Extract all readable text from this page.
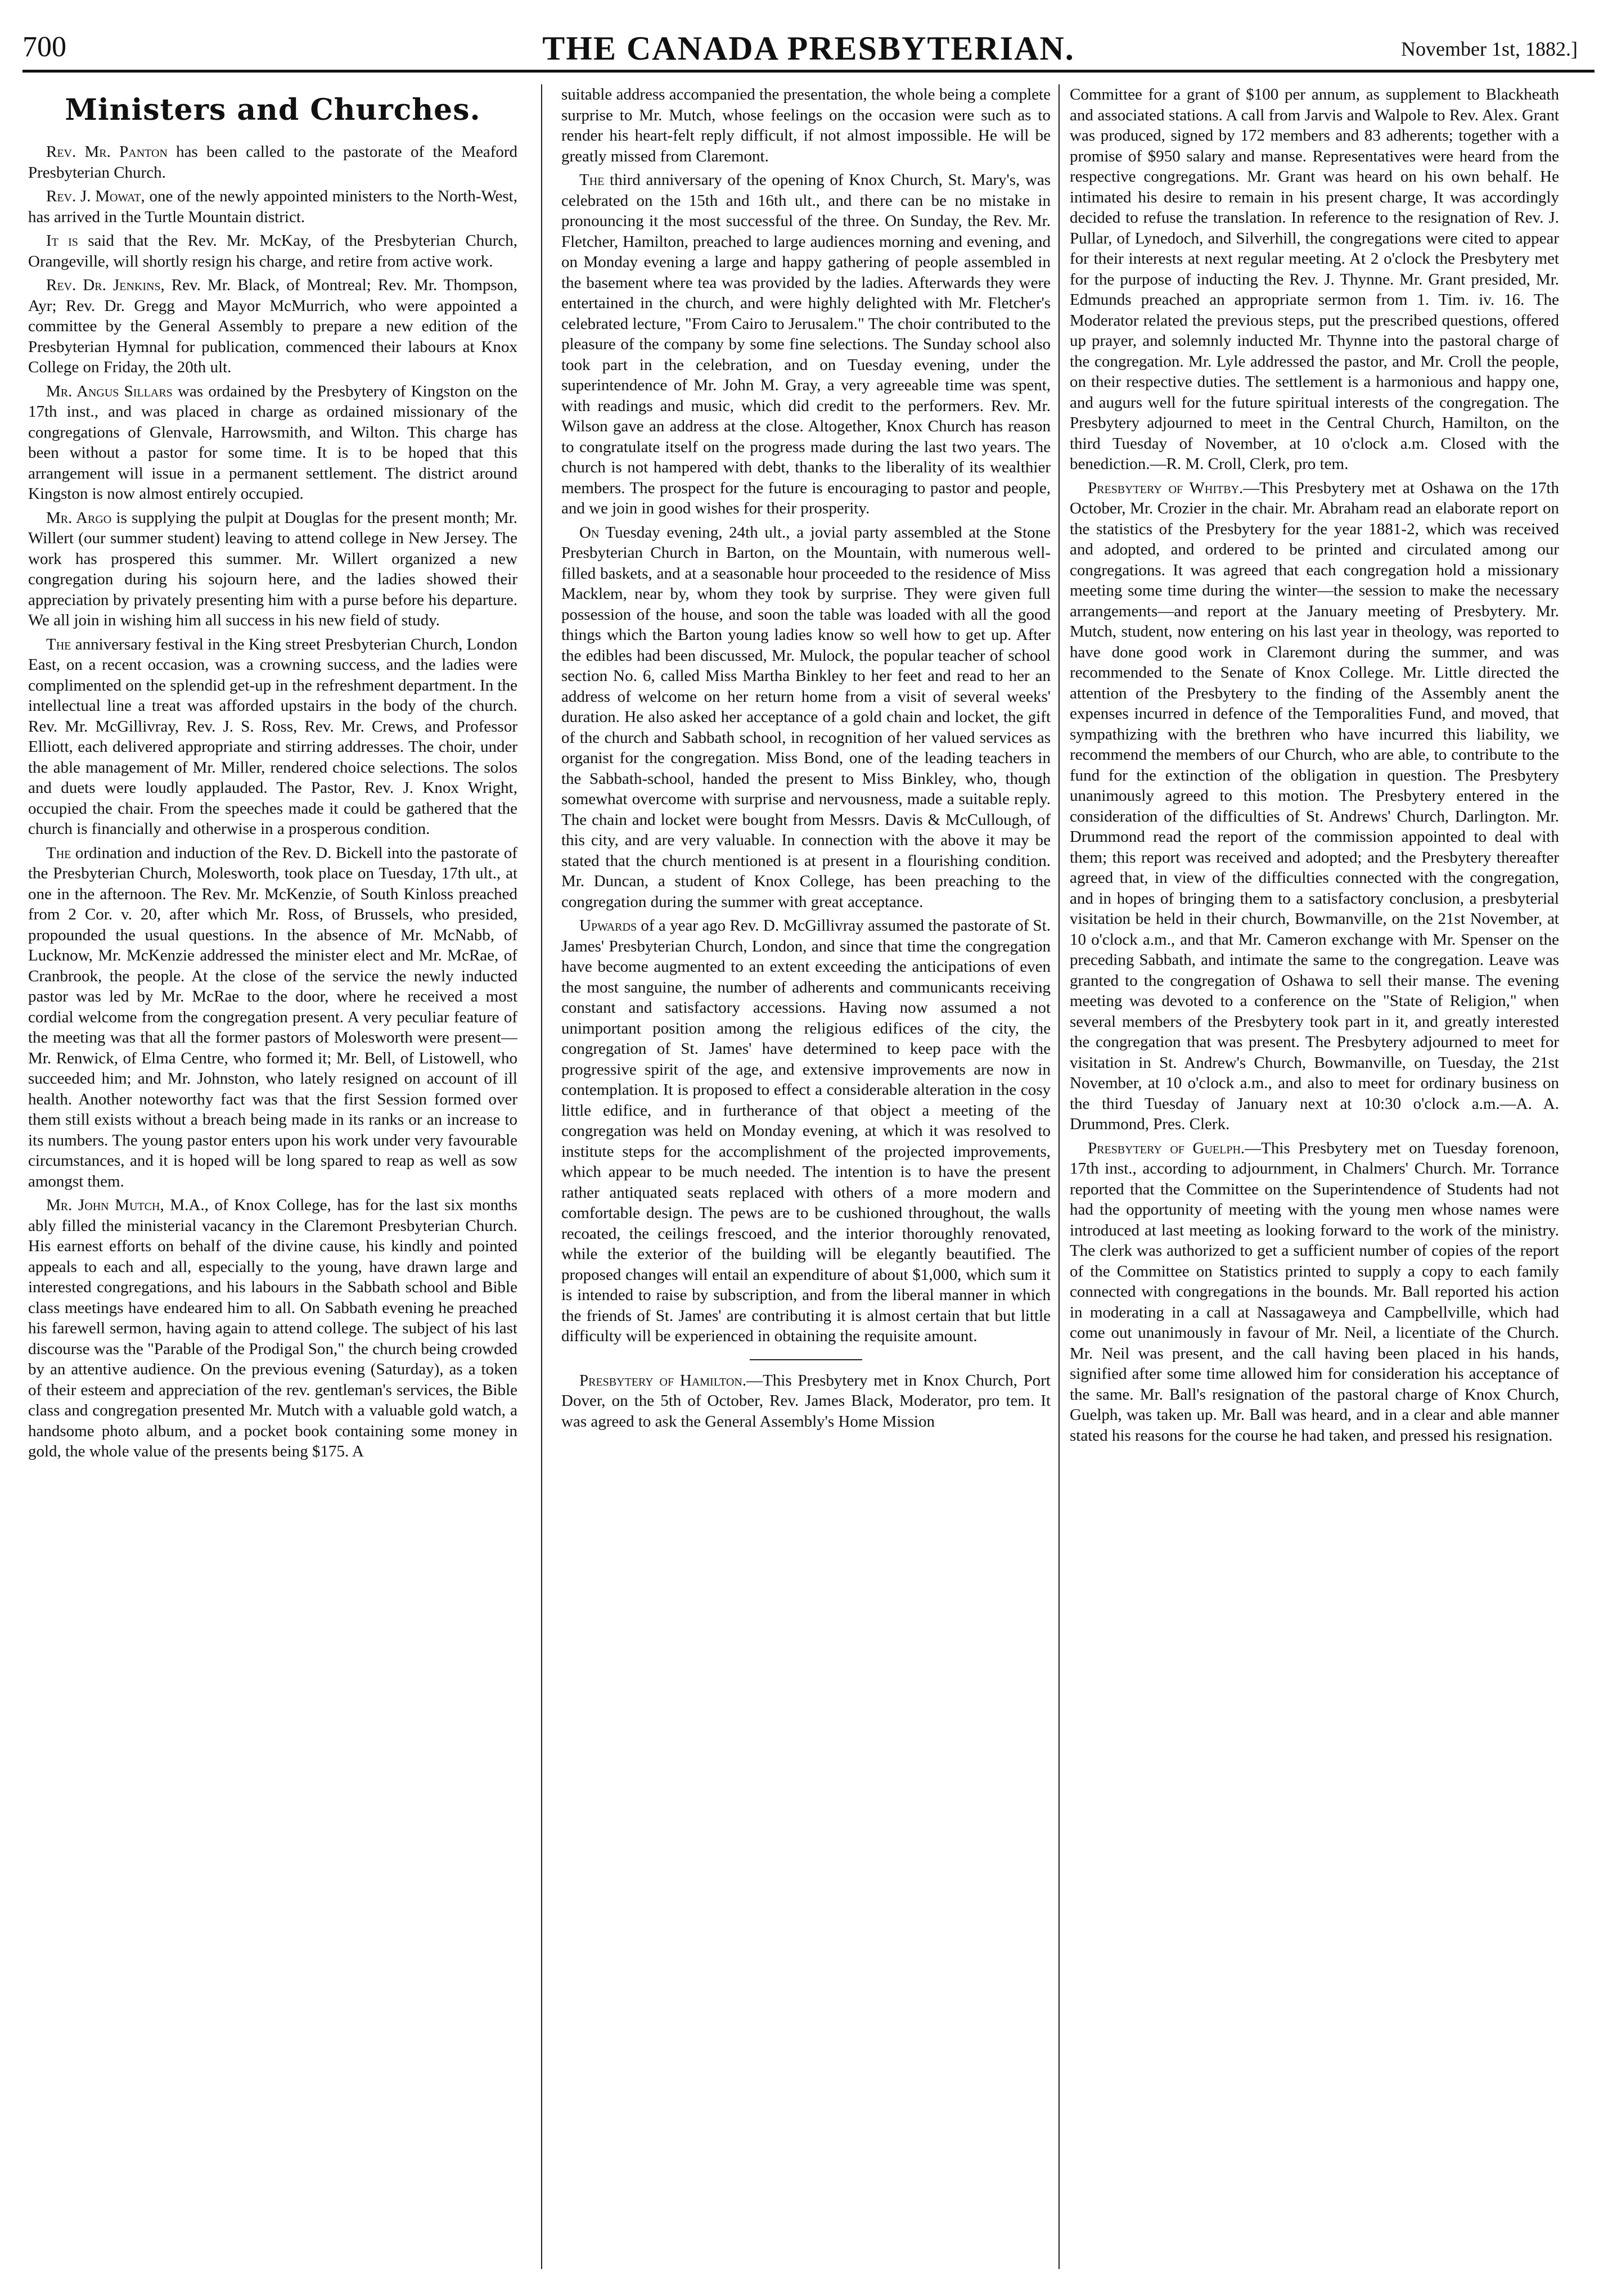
700	THE CANADA PRESBYTERIAN.	November 1st, 1882.]
Ministers and Churches.

Rev. Mr. Panton has been called to the pastorate of the Meaford Presbyterian Church.

Rev. J. Mowat, one of the newly appointed ministers to the North-West, has arrived in the Turtle Mountain district.

It is said that the Rev. Mr. McKay, of the Presbyterian Church, Orangeville, will shortly resign his charge, and retire from active work.

Rev. Dr. Jenkins, Rev. Mr. Black, of Montreal; Rev. Mr. Thompson, Ayr; Rev. Dr. Gregg and Mayor McMurrich, who were appointed a committee by the General Assembly to prepare a new edition of the Presbyterian Hymnal for publication, commenced their labours at Knox College on Friday, the 20th ult.

Mr. Angus Sillars was ordained by the Presbytery of Kingston on the 17th inst., and was placed in charge as ordained missionary of the congregations of Glenvale, Harrowsmith, and Wilton. This charge has been without a pastor for some time. It is to be hoped that this arrangement will issue in a permanent settlement. The district around Kingston is now almost entirely occupied.

Mr. Argo is supplying the pulpit at Douglas for the present month; Mr. Willert (our summer student) leaving to attend college in New Jersey. The work has prospered this summer. Mr. Willert organized a new congregation during his sojourn here, and the ladies showed their appreciation by privately presenting him with a purse before his departure. We all join in wishing him all success in his new field of study.

The anniversary festival in the King street Presbyterian Church, London East, on a recent occasion, was a crowning success, and the ladies were complimented on the splendid get-up in the refreshment department. In the intellectual line a treat was afforded upstairs in the body of the church. Rev. Mr. McGillivray, Rev. J. S. Ross, Rev. Mr. Crews, and Professor Elliott, each delivered appropriate and stirring addresses. The choir, under the able management of Mr. Miller, rendered choice selections. The solos and duets were loudly applauded. The Pastor, Rev. J. Knox Wright, occupied the chair. From the speeches made it could be gathered that the church is financially and otherwise in a prosperous condition.

The ordination and induction of the Rev. D. Bickell into the pastorate of the Presbyterian Church, Molesworth, took place on Tuesday, 17th ult., at one in the afternoon. The Rev. Mr. McKenzie, of South Kinloss preached from 2 Cor. v. 20, after which Mr. Ross, of Brussels, who presided, propounded the usual questions. In the absence of Mr. McNabb, of Lucknow, Mr. McKenzie addressed the minister elect and Mr. McRae, of Cranbrook, the people. At the close of the service the newly inducted pastor was led by Mr. McRae to the door, where he received a most cordial welcome from the congregation present. A very peculiar feature of the meeting was that all the former pastors of Molesworth were present—Mr. Renwick, of Elma Centre, who formed it; Mr. Bell, of Listowell, who succeeded him; and Mr. Johnston, who lately resigned on account of ill health. Another noteworthy fact was that the first Session formed over them still exists without a breach being made in its ranks or an increase to its numbers. The young pastor enters upon his work under very favourable circumstances, and it is hoped will be long spared to reap as well as sow amongst them.

Mr. John Mutch, M.A., of Knox College, has for the last six months ably filled the ministerial vacancy in the Claremont Presbyterian Church. His earnest efforts on behalf of the divine cause, his kindly and pointed appeals to each and all, especially to the young, have drawn large and interested congregations, and his labours in the Sabbath school and Bible class meetings have endeared him to all. On Sabbath evening he preached his farewell sermon, having again to attend college. The subject of his last discourse was the "Parable of the Prodigal Son," the church being crowded by an attentive audience. On the previous evening (Saturday), as a token of their esteem and appreciation of the rev. gentleman's services, the Bible class and congregation presented Mr. Mutch with a valuable gold watch, a handsome photo album, and a pocket book containing some money in gold, the whole value of the presents being $175. A

suitable address accompanied the presentation, the whole being a complete surprise to Mr. Mutch, whose feelings on the occasion were such as to render his heart-felt reply difficult, if not almost impossible. He will be greatly missed from Claremont.

The third anniversary of the opening of Knox Church, St. Mary's, was celebrated on the 15th and 16th ult., and there can be no mistake in pronouncing it the most successful of the three. On Sunday, the Rev. Mr. Fletcher, Hamilton, preached to large audiences morning and evening, and on Monday evening a large and happy gathering of people assembled in the basement where tea was provided by the ladies. Afterwards they were entertained in the church, and were highly delighted with Mr. Fletcher's celebrated lecture, "From Cairo to Jerusalem." The choir contributed to the pleasure of the company by some fine selections. The Sunday school also took part in the celebration, and on Tuesday evening, under the superintendence of Mr. John M. Gray, a very agreeable time was spent, with readings and music, which did credit to the performers. Rev. Mr. Wilson gave an address at the close. Altogether, Knox Church has reason to congratulate itself on the progress made during the last two years. The church is not hampered with debt, thanks to the liberality of its wealthier members. The prospect for the future is encouraging to pastor and people, and we join in good wishes for their prosperity.

On Tuesday evening, 24th ult., a jovial party assembled at the Stone Presbyterian Church in Barton, on the Mountain, with numerous well-filled baskets, and at a seasonable hour proceeded to the residence of Miss Macklem, near by, whom they took by surprise. They were given full possession of the house, and soon the table was loaded with all the good things which the Barton young ladies know so well how to get up. After the edibles had been discussed, Mr. Mulock, the popular teacher of school section No. 6, called Miss Martha Binkley to her feet and read to her an address of welcome on her return home from a visit of several weeks' duration. He also asked her acceptance of a gold chain and locket, the gift of the church and Sabbath school, in recognition of her valued services as organist for the congregation. Miss Bond, one of the leading teachers in the Sabbath-school, handed the present to Miss Binkley, who, though somewhat overcome with surprise and nervousness, made a suitable reply. The chain and locket were bought from Messrs. Davis & McCullough, of this city, and are very valuable. In connection with the above it may be stated that the church mentioned is at present in a flourishing condition. Mr. Duncan, a student of Knox College, has been preaching to the congregation during the summer with great acceptance.

Upwards of a year ago Rev. D. McGillivray assumed the pastorate of St. James' Presbyterian Church, London, and since that time the congregation have become augmented to an extent exceeding the anticipations of even the most sanguine, the number of adherents and communicants receiving constant and satisfactory accessions. Having now assumed a not unimportant position among the religious edifices of the city, the congregation of St. James' have determined to keep pace with the progressive spirit of the age, and extensive improvements are now in contemplation. It is proposed to effect a considerable alteration in the cosy little edifice, and in furtherance of that object a meeting of the congregation was held on Monday evening, at which it was resolved to institute steps for the accomplishment of the projected improvements, which appear to be much needed. The intention is to have the present rather antiquated seats replaced with others of a more modern and comfortable design. The pews are to be cushioned throughout, the walls recoated, the ceilings frescoed, and the interior thoroughly renovated, while the exterior of the building will be elegantly beautified. The proposed changes will entail an expenditure of about $1,000, which sum it is intended to raise by subscription, and from the liberal manner in which the friends of St. James' are contributing it is almost certain that but little difficulty will be experienced in obtaining the requisite amount.

Presbytery of Hamilton.—This Presbytery met in Knox Church, Port Dover, on the 5th of October, Rev. James Black, Moderator, pro tem. It was agreed to ask the General Assembly's Home Mission

Committee for a grant of $100 per annum, as supplement to Blackheath and associated stations. A call from Jarvis and Walpole to Rev. Alex. Grant was produced, signed by 172 members and 83 adherents; together with a promise of $950 salary and manse. Representatives were heard from the respective congregations. Mr. Grant was heard on his own behalf. He intimated his desire to remain in his present charge, It was accordingly decided to refuse the translation. In reference to the resignation of Rev. J. Pullar, of Lynedoch, and Silverhill, the congregations were cited to appear for their interests at next regular meeting. At 2 o'clock the Presbytery met for the purpose of inducting the Rev. J. Thynne. Mr. Grant presided, Mr. Edmunds preached an appropriate sermon from 1. Tim. iv. 16. The Moderator related the previous steps, put the prescribed questions, offered up prayer, and solemnly inducted Mr. Thynne into the pastoral charge of the congregation. Mr. Lyle addressed the pastor, and Mr. Croll the people, on their respective duties. The settlement is a harmonious and happy one, and augurs well for the future spiritual interests of the congregation. The Presbytery adjourned to meet in the Central Church, Hamilton, on the third Tuesday of November, at 10 o'clock a.m. Closed with the benediction.—R. M. Croll, Clerk, pro tem.

Presbytery of Whitby.—This Presbytery met at Oshawa on the 17th October, Mr. Crozier in the chair. Mr. Abraham read an elaborate report on the statistics of the Presbytery for the year 1881-2, which was received and adopted, and ordered to be printed and circulated among our congregations. It was agreed that each congregation hold a missionary meeting some time during the winter—the session to make the necessary arrangements—and report at the January meeting of Presbytery. Mr. Mutch, student, now entering on his last year in theology, was reported to have done good work in Claremont during the summer, and was recommended to the Senate of Knox College. Mr. Little directed the attention of the Presbytery to the finding of the Assembly anent the expenses incurred in defence of the Temporalities Fund, and moved, that sympathizing with the brethren who have incurred this liability, we recommend the members of our Church, who are able, to contribute to the fund for the extinction of the obligation in question. The Presbytery unanimously agreed to this motion. The Presbytery entered in the consideration of the difficulties of St. Andrews' Church, Darlington. Mr. Drummond read the report of the commission appointed to deal with them; this report was received and adopted; and the Presbytery thereafter agreed that, in view of the difficulties connected with the congregation, and in hopes of bringing them to a satisfactory conclusion, a presbyterial visitation be held in their church, Bowmanville, on the 21st November, at 10 o'clock a.m., and that Mr. Cameron exchange with Mr. Spenser on the preceding Sabbath, and intimate the same to the congregation. Leave was granted to the congregation of Oshawa to sell their manse. The evening meeting was devoted to a conference on the "State of Religion," when several members of the Presbytery took part in it, and greatly interested the congregation that was present. The Presbytery adjourned to meet for visitation in St. Andrew's Church, Bowmanville, on Tuesday, the 21st November, at 10 o'clock a.m., and also to meet for ordinary business on the third Tuesday of January next at 10:30 o'clock a.m.—A. A. Drummond, Pres. Clerk.

Presbytery of Guelph.—This Presbytery met on Tuesday forenoon, 17th inst., according to adjournment, in Chalmers' Church. Mr. Torrance reported that the Committee on the Superintendence of Students had not had the opportunity of meeting with the young men whose names were introduced at last meeting as looking forward to the work of the ministry. The clerk was authorized to get a sufficient number of copies of the report of the Committee on Statistics printed to supply a copy to each family connected with congregations in the bounds. Mr. Ball reported his action in moderating in a call at Nassagaweya and Campbellville, which had come out unanimously in favour of Mr. Neil, a licentiate of the Church. Mr. Neil was present, and the call having been placed in his hands, signified after some time allowed him for consideration his acceptance of the same. Mr. Ball's resignation of the pastoral charge of Knox Church, Guelph, was taken up. Mr. Ball was heard, and in a clear and able manner stated his reasons for the course he had taken, and pressed his resignation.
